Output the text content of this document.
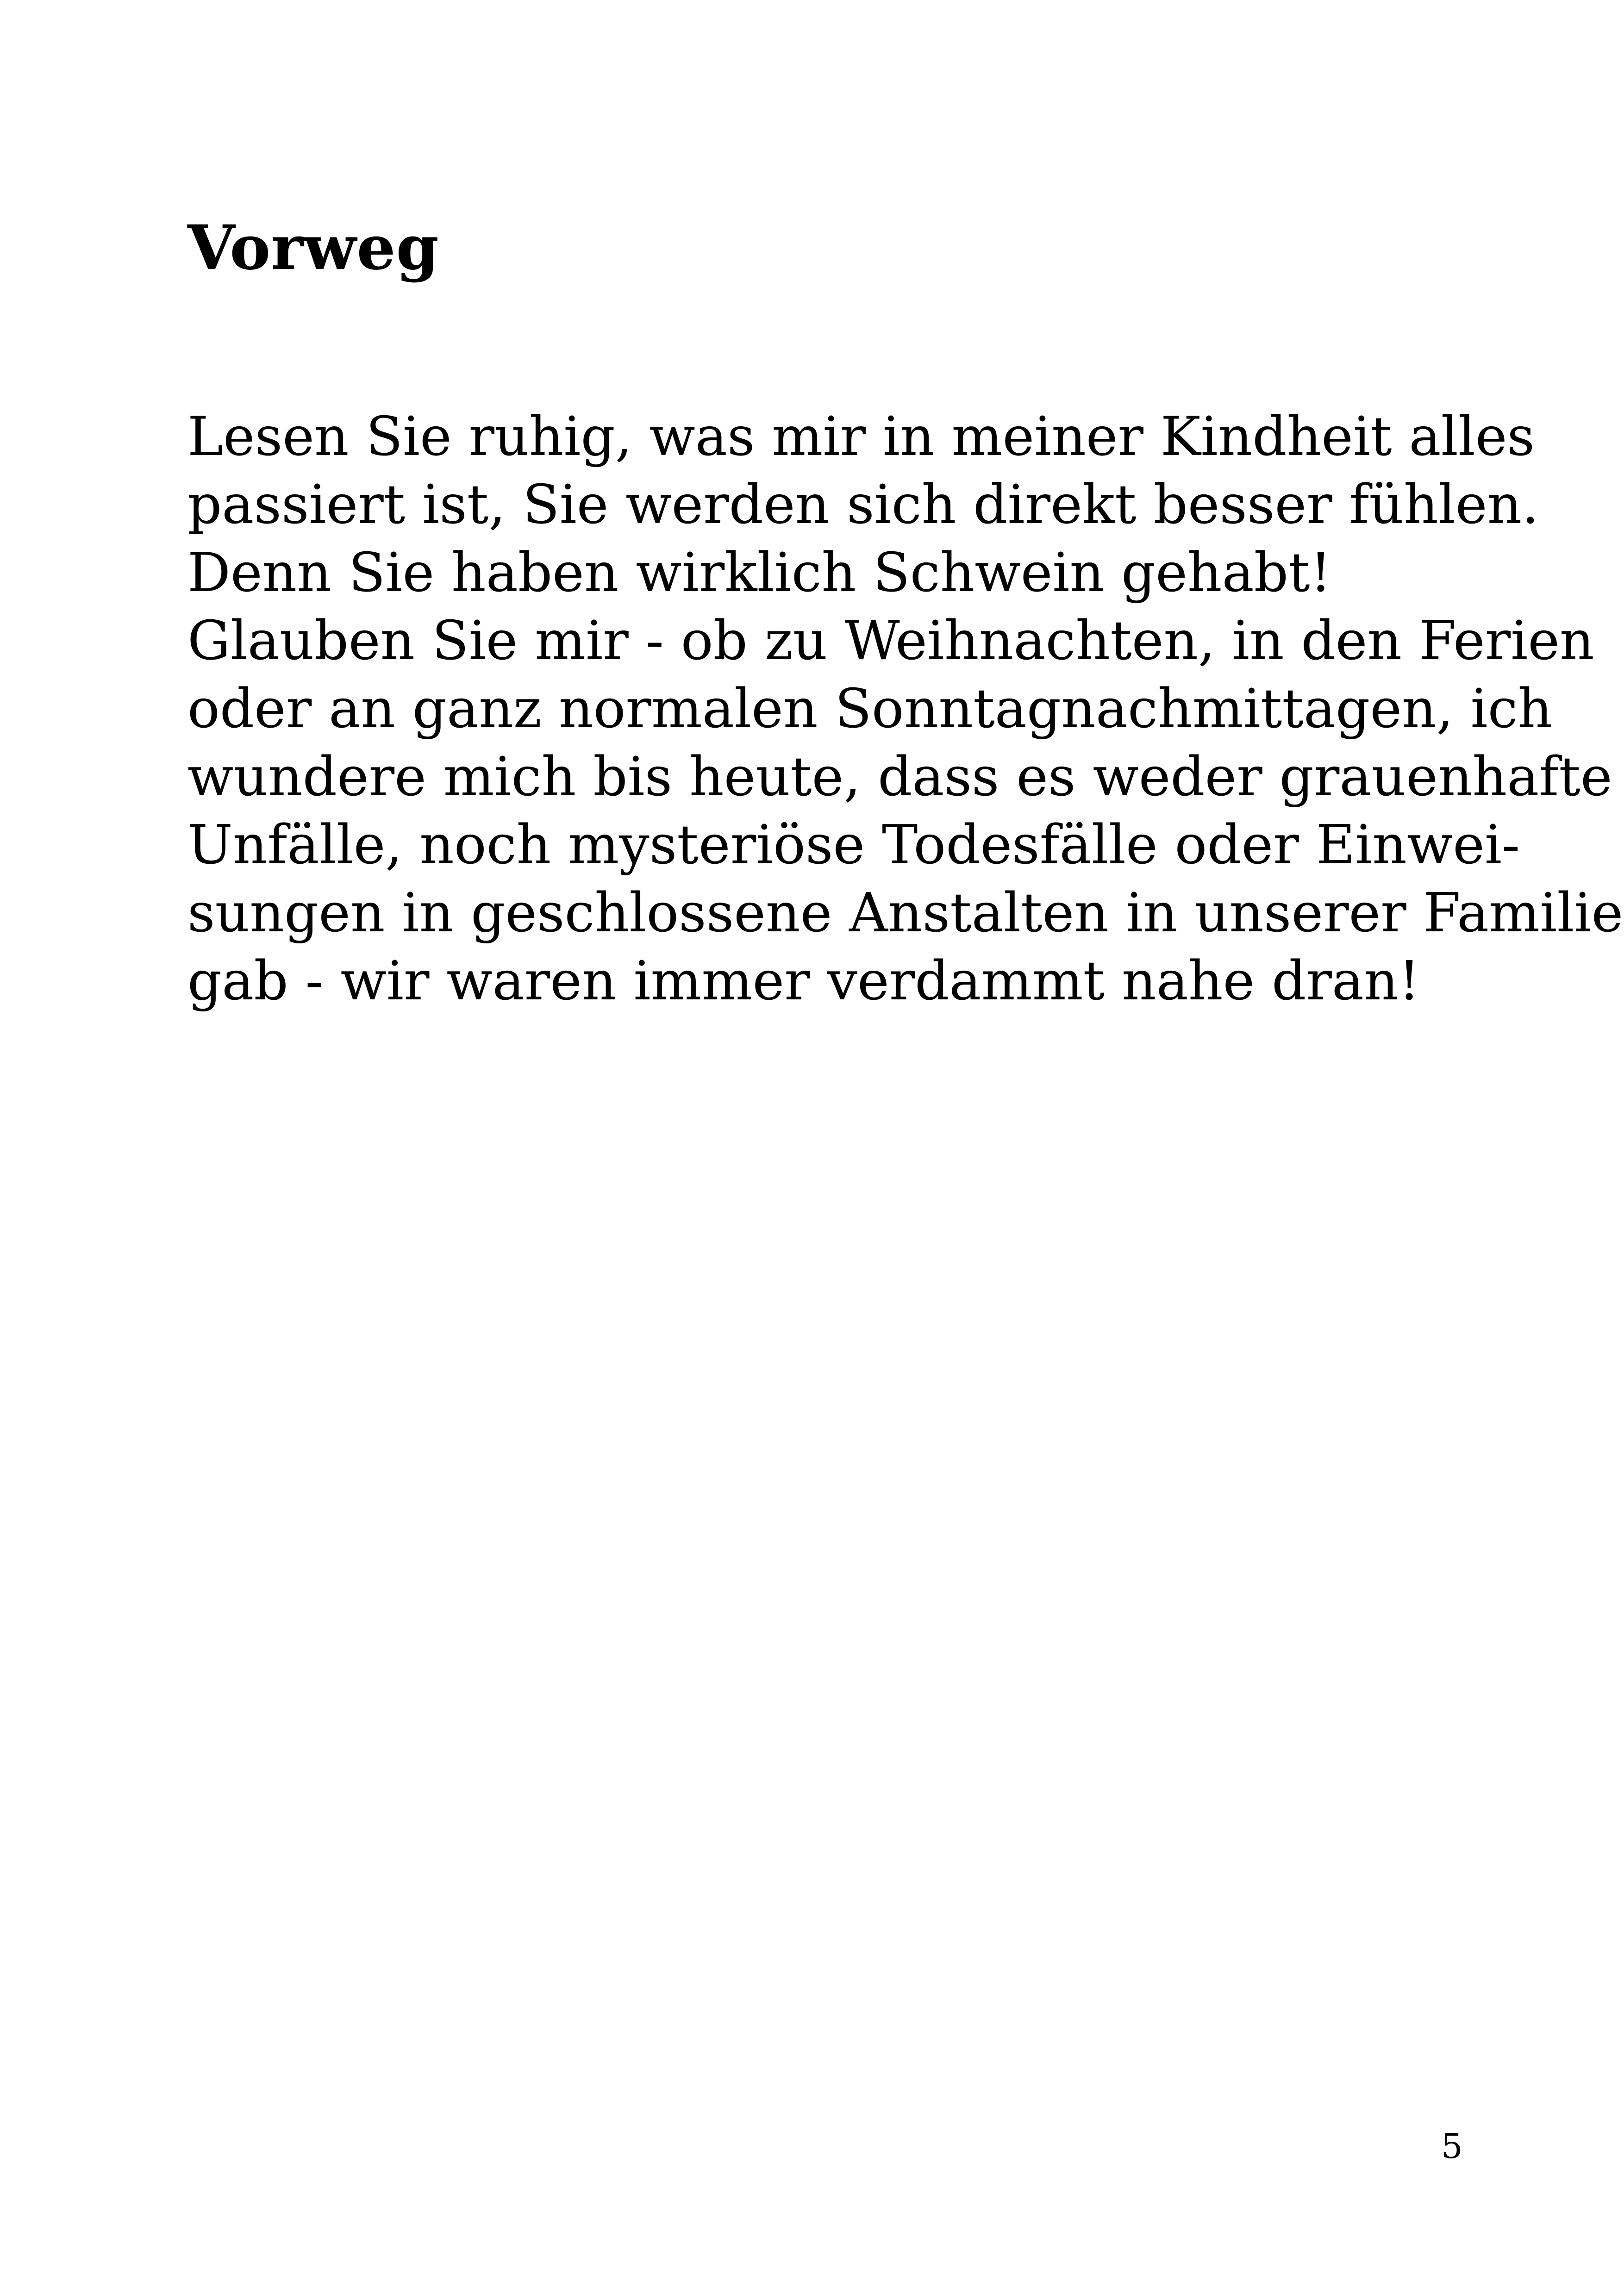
Vorweg
Lesen Sie ruhig, was mir in meiner Kindheit alles
passiert ist, Sie werden sich direkt besser fühlen.
Denn Sie haben wirklich Schwein gehabt!
Glauben Sie mir - ob zu Weihnachten, in den Ferien
oder an ganz normalen Sonntagnachmittagen, ich
wundere mich bis heute, dass es weder grauenhafte
Unfälle, noch mysteriöse Todesfälle oder Einwei-
sungen in geschlossene Anstalten in unserer Familie
gab - wir waren immer verdammt nahe dran!
5
